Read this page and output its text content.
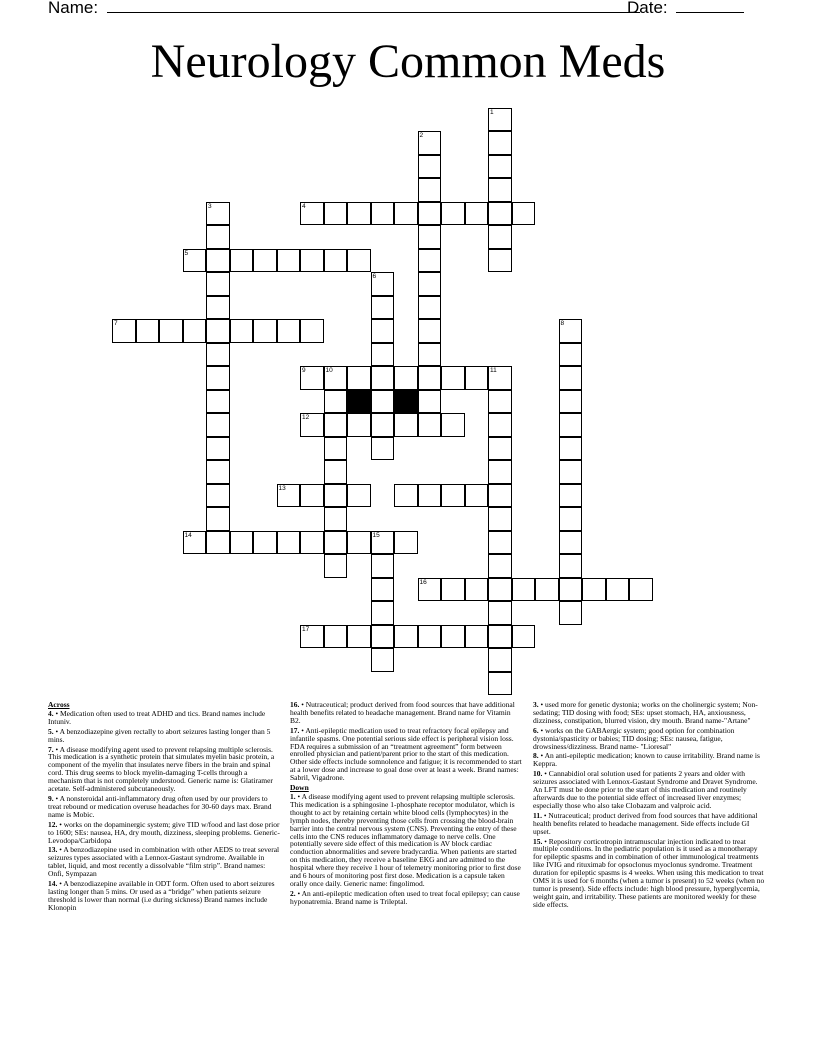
Name:	Date:
Neurology Common Meds
1
2
4
3
5
6
7	8
9	10	11
12
13
14	15
16
17
Across
4. • Medication often used to treat ADHD and tics. Brand names include Intuniv.
5. • A benzodiazepine given rectally to abort seizures lasting longer than 5 mins.
7. • A disease modifying agent used to prevent relapsing multiple sclerosis. This medication is a synthetic protein that simulates myelin basic protein, a component of the myelin that insulates nerve fibers in the brain and spinal cord. This drug seems to block myelin-damaging T-cells through a mechanism that is not completely understood. Generic name is: Glatiramer acetate. Self-administered subcutaneously.
9. • A nonsteroidal anti-inflammatory drug often used by our providers to treat rebound or medication overuse headaches for 30-60 days max. Brand name is Mobic.
12. • works on the dopaminergic system; give TID w/food and last dose prior to 1600; SEs: nausea, HA, dry mouth, dizziness, sleeping problems. Generic- Levodopa/Carbidopa
13. • A benzodiazepine used in combination with other AEDS to treat several seizures types associated with a Lennox-Gastaut syndrome. Available in tablet, liquid, and most recently a dissolvable “film strip”. Brand names: Onfi, Sympazan
14. • A benzodiazepine available in ODT form. Often used to abort seizures lasting longer than 5 mins. Or used as a “bridge” when patients seizure threshold is lower than normal (i.e during sickness) Brand names include Klonopin
16. • Nutraceutical; product derived from food sources that have additional health benefits related to headache management. Brand name for Vitamin B2.
17. • Anti-epileptic medication used to treat refractory focal epilepsy and infantile spasms. One potential serious side effect is peripheral vision loss. FDA requires a submission of an “treatment agreement” form between enrolled physician and patient/parent prior to the start of this medication. Other side effects include somnolence and fatigue; it is recommended to start at a lower dose and increase to goal dose over at least a week. Brand names: Sabril, Vigadrone.
Down
1. • A disease modifying agent used to prevent relapsing multiple sclerosis. This medication is a sphingosine 1-phosphate receptor modulator, which is thought to act by retaining certain white blood cells (lymphocytes) in the lymph nodes, thereby preventing those cells from crossing the blood-brain barrier into the central nervous system (CNS). Preventing the entry of these cells into the CNS reduces inflammatory damage to nerve cells. One potentially severe side effect of this medication is AV block cardiac conduction abnormalities and severe bradycardia. When patients are started on this medication, they receive a baseline EKG and are admitted to the hospital where they receive 1 hour of telemetry monitoring prior to first dose and 6 hours of monitoring post first dose. Medication is a capsule taken orally once daily. Generic name: fingolimod.
2. • An anti-epileptic medication often used to treat focal epilepsy; can cause hyponatremia. Brand name is Trileptal.
3. • used more for genetic dystonia; works on the cholinergic system; Non-sedating; TID dosing with food; SEs: upset stomach, HA, anxiousness, dizziness, constipation, blurred vision, dry mouth. Brand name-"Artane"
6. • works on the GABAergic system; good option for combination dystonia/spasticity or babies; TID dosing; SEs: nausea, fatigue, drowsiness/dizziness. Brand name- "Lioresal"
8. • An anti-epileptic medication; known to cause irritability. Brand name is Keppra.
10. • Cannabidiol oral solution used for patients 2 years and older with seizures associated with Lennox-Gastaut Syndrome and Dravet Syndrome. An LFT must be done prior to the start of this medication and routinely afterwards due to the potential side effect of increased liver enzymes; especially those who also take Clobazam and valproic acid.
11. • Nutraceutical; product derived from food sources that have additional health benefits related to headache management. Side effects include GI upset.
15. • Repository corticotropin intramuscular injection indicated to treat multiple conditions. In the pediatric population is it used as a monotherapy for epileptic spasms and in combination of other immunological treatments like IVIG and rituximab for opsoclonus myoclonus syndrome. Treatment duration for epileptic spasms is 4 weeks. When using this medication to treat OMS it is used for 6 months (when a tumor is present) to 52 weeks (when no tumor is present). Side effects include: high blood pressure, hyperglycemia, weight gain, and irritability. These patients are monitored weekly for these side effects.
